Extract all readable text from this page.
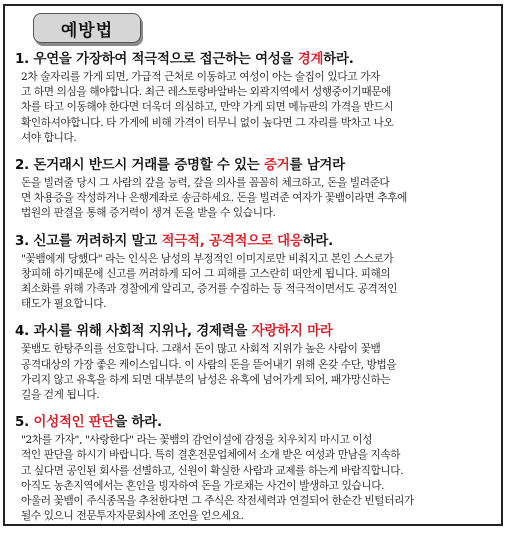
예방법

1. 우연을 가장하여 적극적으로 접근하는 여성을 경계하라.

2차 술자리를 가게 되면, 가급적 근처로 이동하고 여성이 아는 술집이 있다고 가자
고 하면 의심을 해야합니다. 최근 레스토랑바알바는 외곽지역에서 성행중이기때문에
차를 타고 이동해야 한다면 더욱더 의심하고, 만약 가게 되면 메뉴판의 가격을 반드시
확인하셔야합니다. 타 가게에 비해 가격이 터무니 없이 높다면 그 자리를 박차고 나오
셔야 합니다.

2. 돈거래시 반드시 거래를 증명할 수 있는 증거를 남겨라

돈을 빌려줄 당시 그 사람의 갚을 능력, 갚을 의사를 꼼꼼히 체크하고, 돈을 빌려준다
면 차용증을 작성하거나 은행계좌로 송금하세요. 돈을 빌려준 여자가 꽃뱀이라면 추후에
법원의 판결을 통해 증거력이 생겨 돈을 받을 수 있습니다.

3. 신고를 꺼려하지 말고 적극적, 공격적으로 대응하라.

"꽃뱀에게 당했다" 라는 인식은 남성의 부정적인 이미지로만 비춰지고 본인 스스로가
창피해 하기때문에 신고를 꺼려하게 되어 그 피해를 고스란히 떠안게 됩니다. 피해의
최소화를 위해 가족과 경찰에게 알리고, 증거를 수집하는 등 적극적이면서도 공격적인
태도가 필요합니다.

4. 과시를 위해 사회적 지위나, 경제력을 자랑하지 마라

꽃뱀도 한탕주의를 선호합니다. 그래서 돈이 많고 사회적 지위가 높은 사람이 꽃뱀
공격대상의 가장 좋은 케이스입니다. 이 사람의 돈을 뜯어내기 위해 온갖 수단, 방법을
가리지 않고 유혹을 하게 되면 대부분의 남성은 유혹에 넘어가게 되어, 패가망신하는
길을 걷게 됩니다.

5. 이성적인 판단을 하라.

"2차를 가자", "사랑한다" 라는 꽃뱀의 감언이설에 감정을 치우치지 마시고 이성
적인 판단을 하시기 바랍니다. 특히 결혼전문업체에서 소개 받은 여성과 만남을 지속하
고 싶다면 공인된 회사를 선별하고, 신원이 확실한 사람과 교제를 하는게 바람직합니다.
아직도 농촌지역에서는 혼인을 빙자하여 돈을 가로채는 사건이 발생하고 있습니다.
아울러 꽃뱀이 주식종목을 추천한다면 그 주식은 작전세력과 연결되어 한순간 빈털터리가
될수 있으니 전문투자자문회사에 조언을 얻으세요.
